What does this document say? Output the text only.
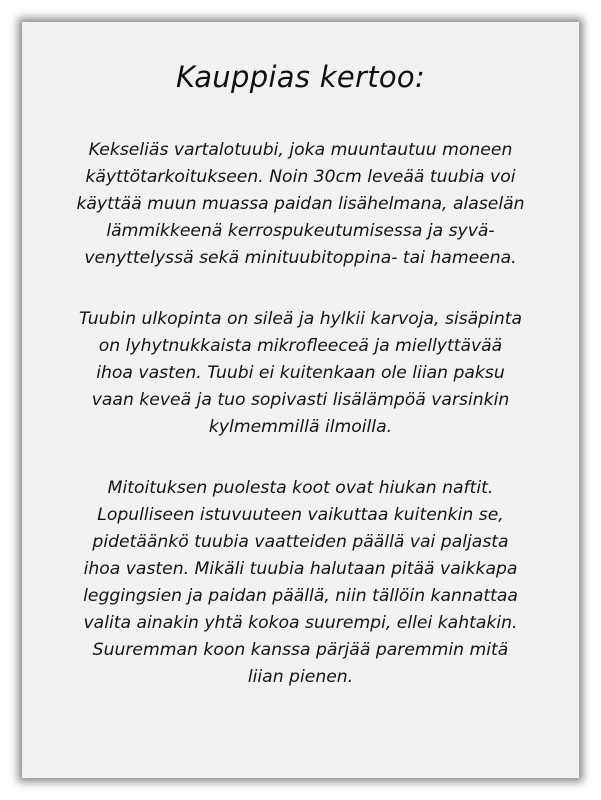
Kauppias kertoo:

Kekseliäs vartalotuubi, joka muuntautuu moneen
käyttötarkoitukseen. Noin 30cm leveää tuubia voi
käyttää muun muassa paidan lisähelmana, alaselän
lämmikkeenä kerrospukeutumisessa ja syvä-
venyttelyssä sekä minituubitoppina- tai hameena.

Tuubin ulkopinta on sileä ja hylkii karvoja, sisäpinta
on lyhytnukkaista mikrofleeceä ja miellyttävää
ihoa vasten. Tuubi ei kuitenkaan ole liian paksu
vaan keveä ja tuo sopivasti lisälämpöä varsinkin
kylmemmillä ilmoilla.

Mitoituksen puolesta koot ovat hiukan naftit.
Lopulliseen istuvuuteen vaikuttaa kuitenkin se,
pidetäänkö tuubia vaatteiden päällä vai paljasta
ihoa vasten. Mikäli tuubia halutaan pitää vaikkapa
leggingsien ja paidan päällä, niin tällöin kannattaa
valita ainakin yhtä kokoa suurempi, ellei kahtakin.
Suuremman koon kanssa pärjää paremmin mitä
liian pienen.
